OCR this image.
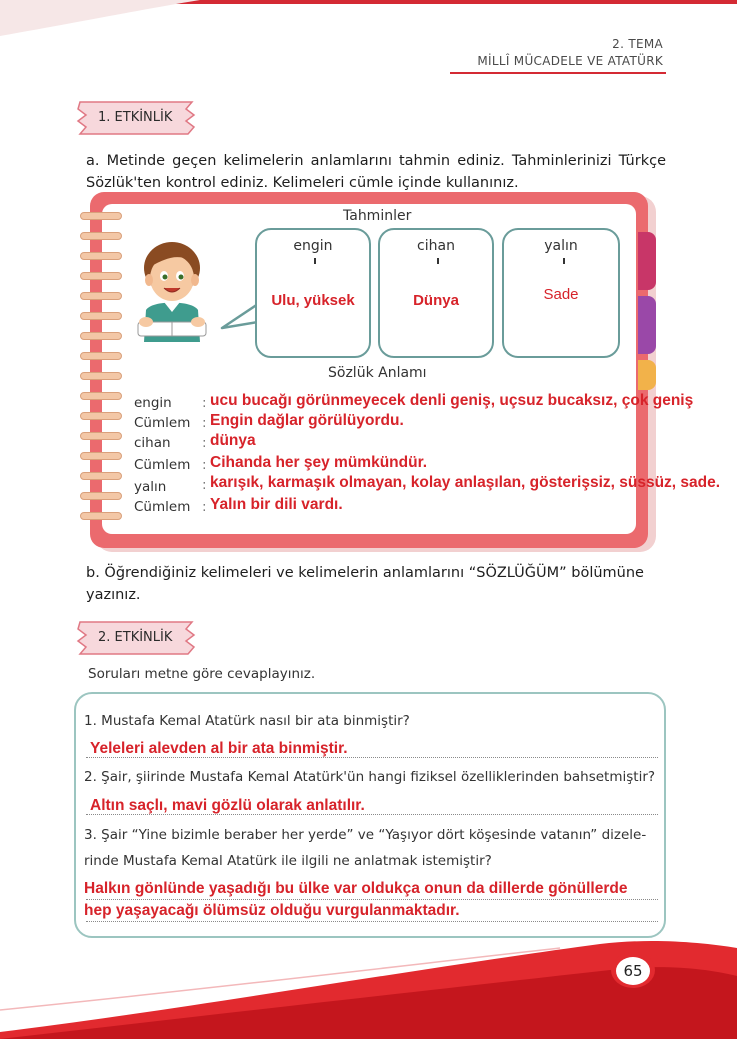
2. TEMA
MİLLÎ MÜCADELE VE ATATÜRK
1. ETKİNLİK
a. Metinde geçen kelimelerin anlamlarını tahmin ediniz. Tahminlerinizi Türkçe Sözlük'ten kontrol ediniz. Kelimeleri cümle içinde kullanınız.
Tahminler
engin
Ulu, yüksek
cihan
Dünya
yalın
Sade
Sözlük Anlamı
engin : ucu bucağı görünmeyecek denli geniş, uçsuz bucaksız, çok geniş
Cümlem : Engin dağlar görülüyordu.
cihan : dünya
Cümlem : Cihanda her şey mümkündür.
yalın	: karışık, karmaşık olmayan, kolay anlaşılan, gösterişsiz, süssüz, sade.
Cümlem : Yalın bir dili vardı.
b. Öğrendiğiniz kelimeleri ve kelimelerin anlamlarını “SÖZLÜĞÜM” bölümüne yazınız.
2. ETKİNLİK
Soruları metne göre cevaplayınız.
1. Mustafa Kemal Atatürk nasıl bir ata binmiştir?
Yeleleri alevden al bir ata binmiştir.
2. Şair, şiirinde Mustafa Kemal Atatürk'ün hangi fiziksel özelliklerinden bahsetmiştir?
Altın saçlı, mavi gözlü olarak anlatılır.
3. Şair “Yine bizimle beraber her yerde” ve “Yaşıyor dört köşesinde vatanın” dizele-
rinde Mustafa Kemal Atatürk ile ilgili ne anlatmak istemiştir?
Halkın gönlünde yaşadığı bu ülke var oldukça onun da dillerde gönüllerde
hep yaşayacağı ölümsüz olduğu vurgulanmaktadır.
65
